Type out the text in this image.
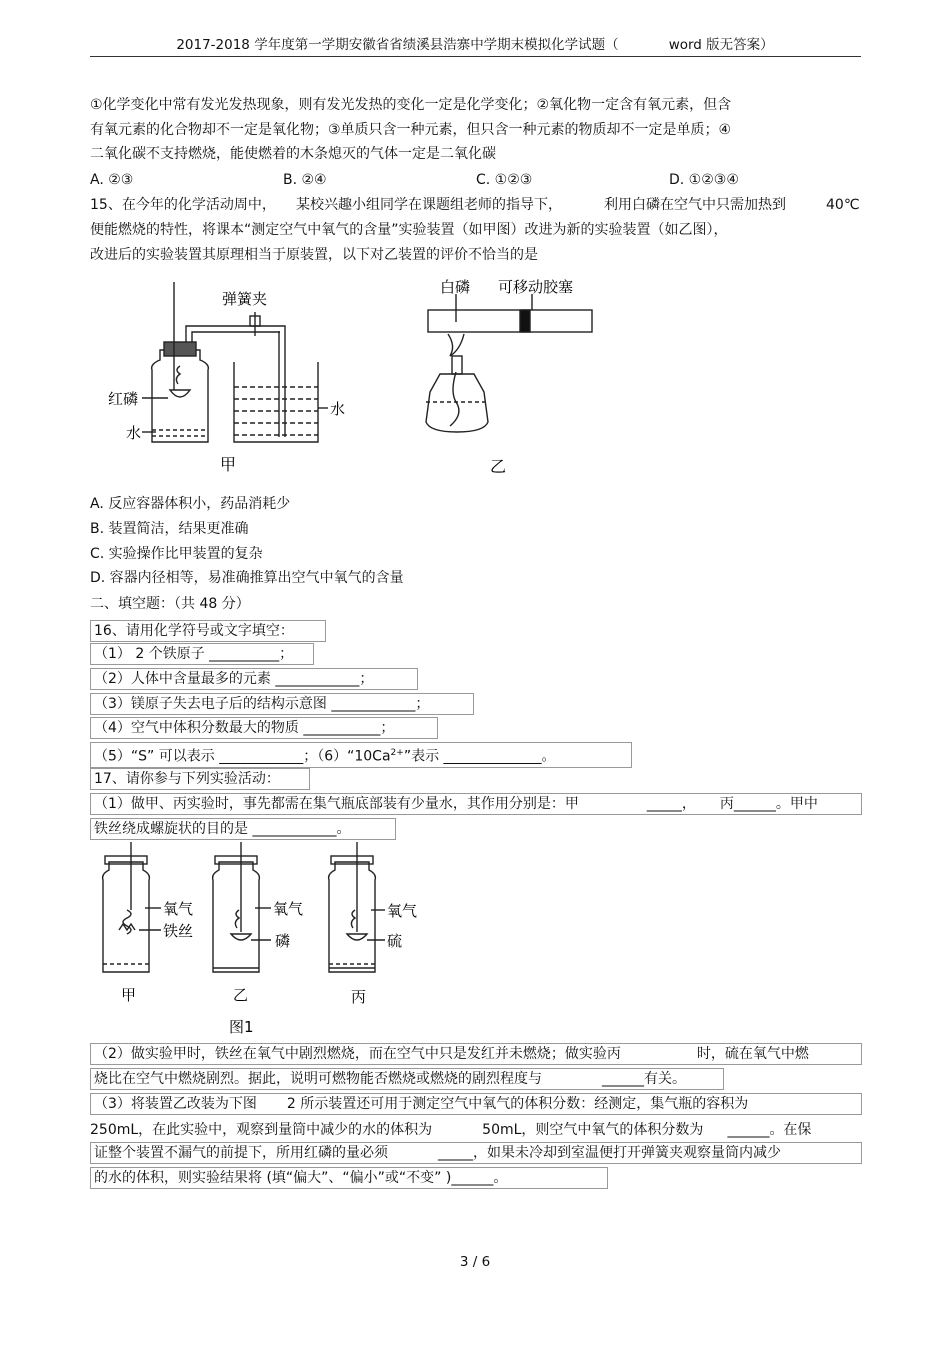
2017-2018 学年度第一学期安徽省省绩溪县浩寨中学期末模拟化学试题（	word 版无答案）
①化学变化中常有发光发热现象，则有发光发热的变化一定是化学变化；②氧化物一定含有氧元素，但含
有氧元素的化合物却不一定是氧化物；③单质只含一种元素，但只含一种元素的物质却不一定是单质；④
二氧化碳不支持燃烧，能使燃着的木条熄灭的气体一定是二氧化碳
A. ②③	B. ②④	C. ①②③	D. ①②③④
15、在今年的化学活动周中， 某校兴趣小组同学在课题组老师的指导下，	利用白磷在空气中只需加热到	40℃
便能燃烧的特性，将课本“测定空气中氧气的含量”实验装置（如甲图）改进为新的实验装置（如乙图），
改进后的实验装置其原理相当于原装置，以下对乙装置的评价不恰当的是
弹簧夹
红磷
水
水
甲
白磷 可移动胶塞
乙
A. 反应容器体积小，药品消耗少
B. 装置简洁，结果更准确
C. 实验操作比甲装置的复杂
D. 容器内径相等，易准确推算出空气中氧气的含量
二、填空题：（共 48 分）
16、请用化学符号或文字填空：
（1） 2 个铁原子 __________；
（2）人体中含量最多的元素 ____________；
（3）镁原子失去电子后的结构示意图 ____________；
（4）空气中体积分数最大的物质 ___________；
（5）“S” 可以表示 ____________；$(6)“10Ca^{2+}$”表示 ______________。
17、请你参与下列实验活动：
（1）做甲、丙实验时，事先都需在集气瓶底部装有少量水，其作用分别是：甲	_____， 丙______。甲中
铁丝绕成螺旋状的目的是 ____________。
氧气
铁丝
氧气
磷
氧气
硫
甲	乙	丙
图1
（2）做实验甲时，铁丝在氧气中剧烈燃烧，而在空气中只是发红并未燃烧；做实验丙	时，硫在氧气中燃
烧比在空气中燃烧剧烈。据此，说明可燃物能否燃烧或燃烧的剧烈程度与	______有关。
（3）将装置乙改装为下图 2 所示装置还可用于测定空气中氧气的体积分数：经测定，集气瓶的容积为
250mL，在此实验中，观察到量筒中减少的水的体积为	50mL，则空气中氧气的体积分数为 ______。在保
证整个装置不漏气的前提下，所用红磷的量必须	_____，如果未冷却到室温便打开弹簧夹观察量筒内减少
的水的体积，则实验结果将 (填“偏大”、“偏小”或“不变” )______。
3 / 6
